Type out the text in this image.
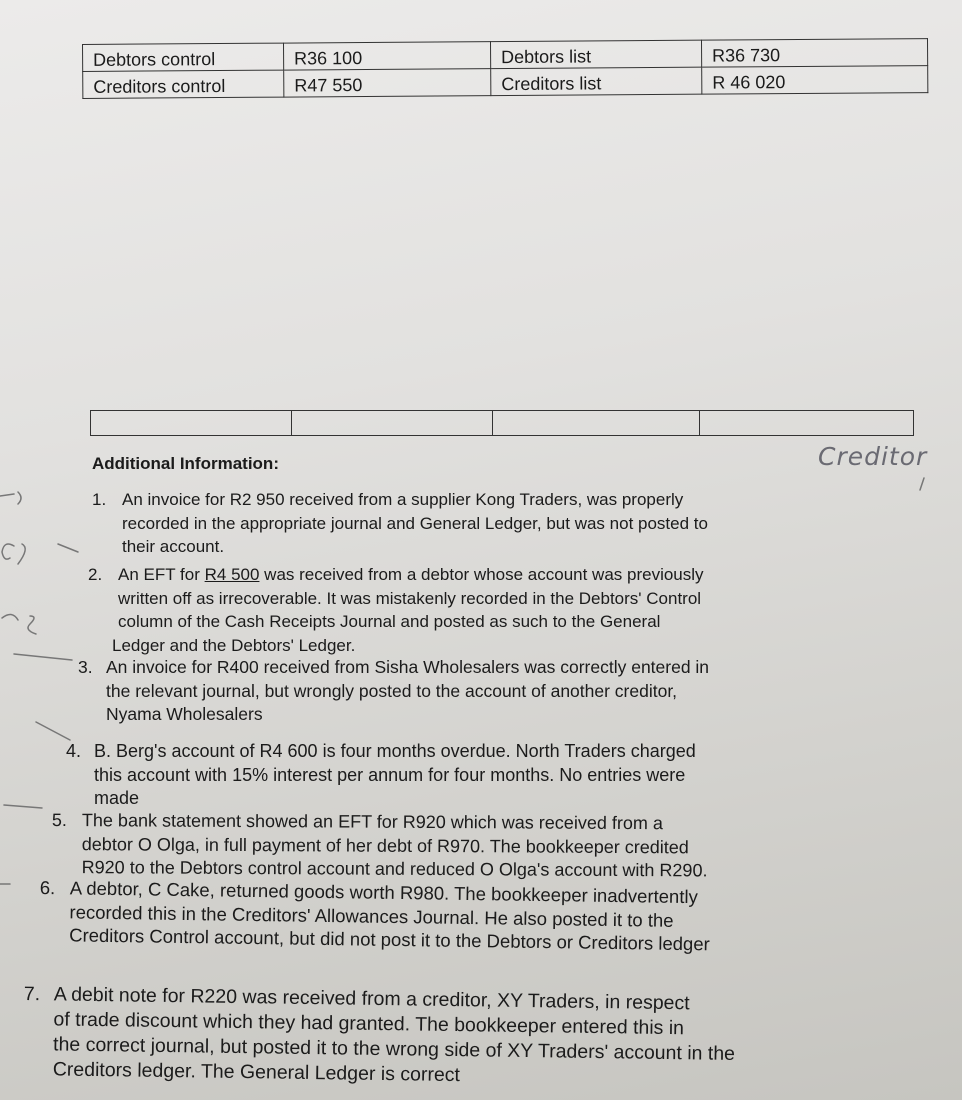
Debtors control	R36 100	Debtors list	R36 730
Creditors control	R47 550	Creditors list	R 46 020

Additional Information:	Creditor
1. An invoice for R2 950 received from a supplier Kong Traders, was properly
recorded in the appropriate journal and General Ledger, but was not posted to
their account.
2. An EFT for R4 500 was received from a debtor whose account was previously
written off as irrecoverable. It was mistakenly recorded in the Debtors' Control
column of the Cash Receipts Journal and posted as such to the General
Ledger and the Debtors' Ledger.
3. An invoice for R400 received from Sisha Wholesalers was correctly entered in
the relevant journal, but wrongly posted to the account of another creditor,
Nyama Wholesalers
4. B. Berg's account of R4 600 is four months overdue. North Traders charged
this account with 15% interest per annum for four months. No entries were
made
5. The bank statement showed an EFT for R920 which was received from a
debtor O Olga, in full payment of her debt of R970. The bookkeeper credited
R920 to the Debtors control account and reduced O Olga's account with R290.
6. A debtor, C Cake, returned goods worth R980. The bookkeeper inadvertently
recorded this in the Creditors' Allowances Journal. He also posted it to the
Creditors Control account, but did not post it to the Debtors or Creditors ledger
7. A debit note for R220 was received from a creditor, XY Traders, in respect
of trade discount which they had granted. The bookkeeper entered this in
the correct journal, but posted it to the wrong side of XY Traders' account in the
Creditors ledger. The General Ledger is correct
